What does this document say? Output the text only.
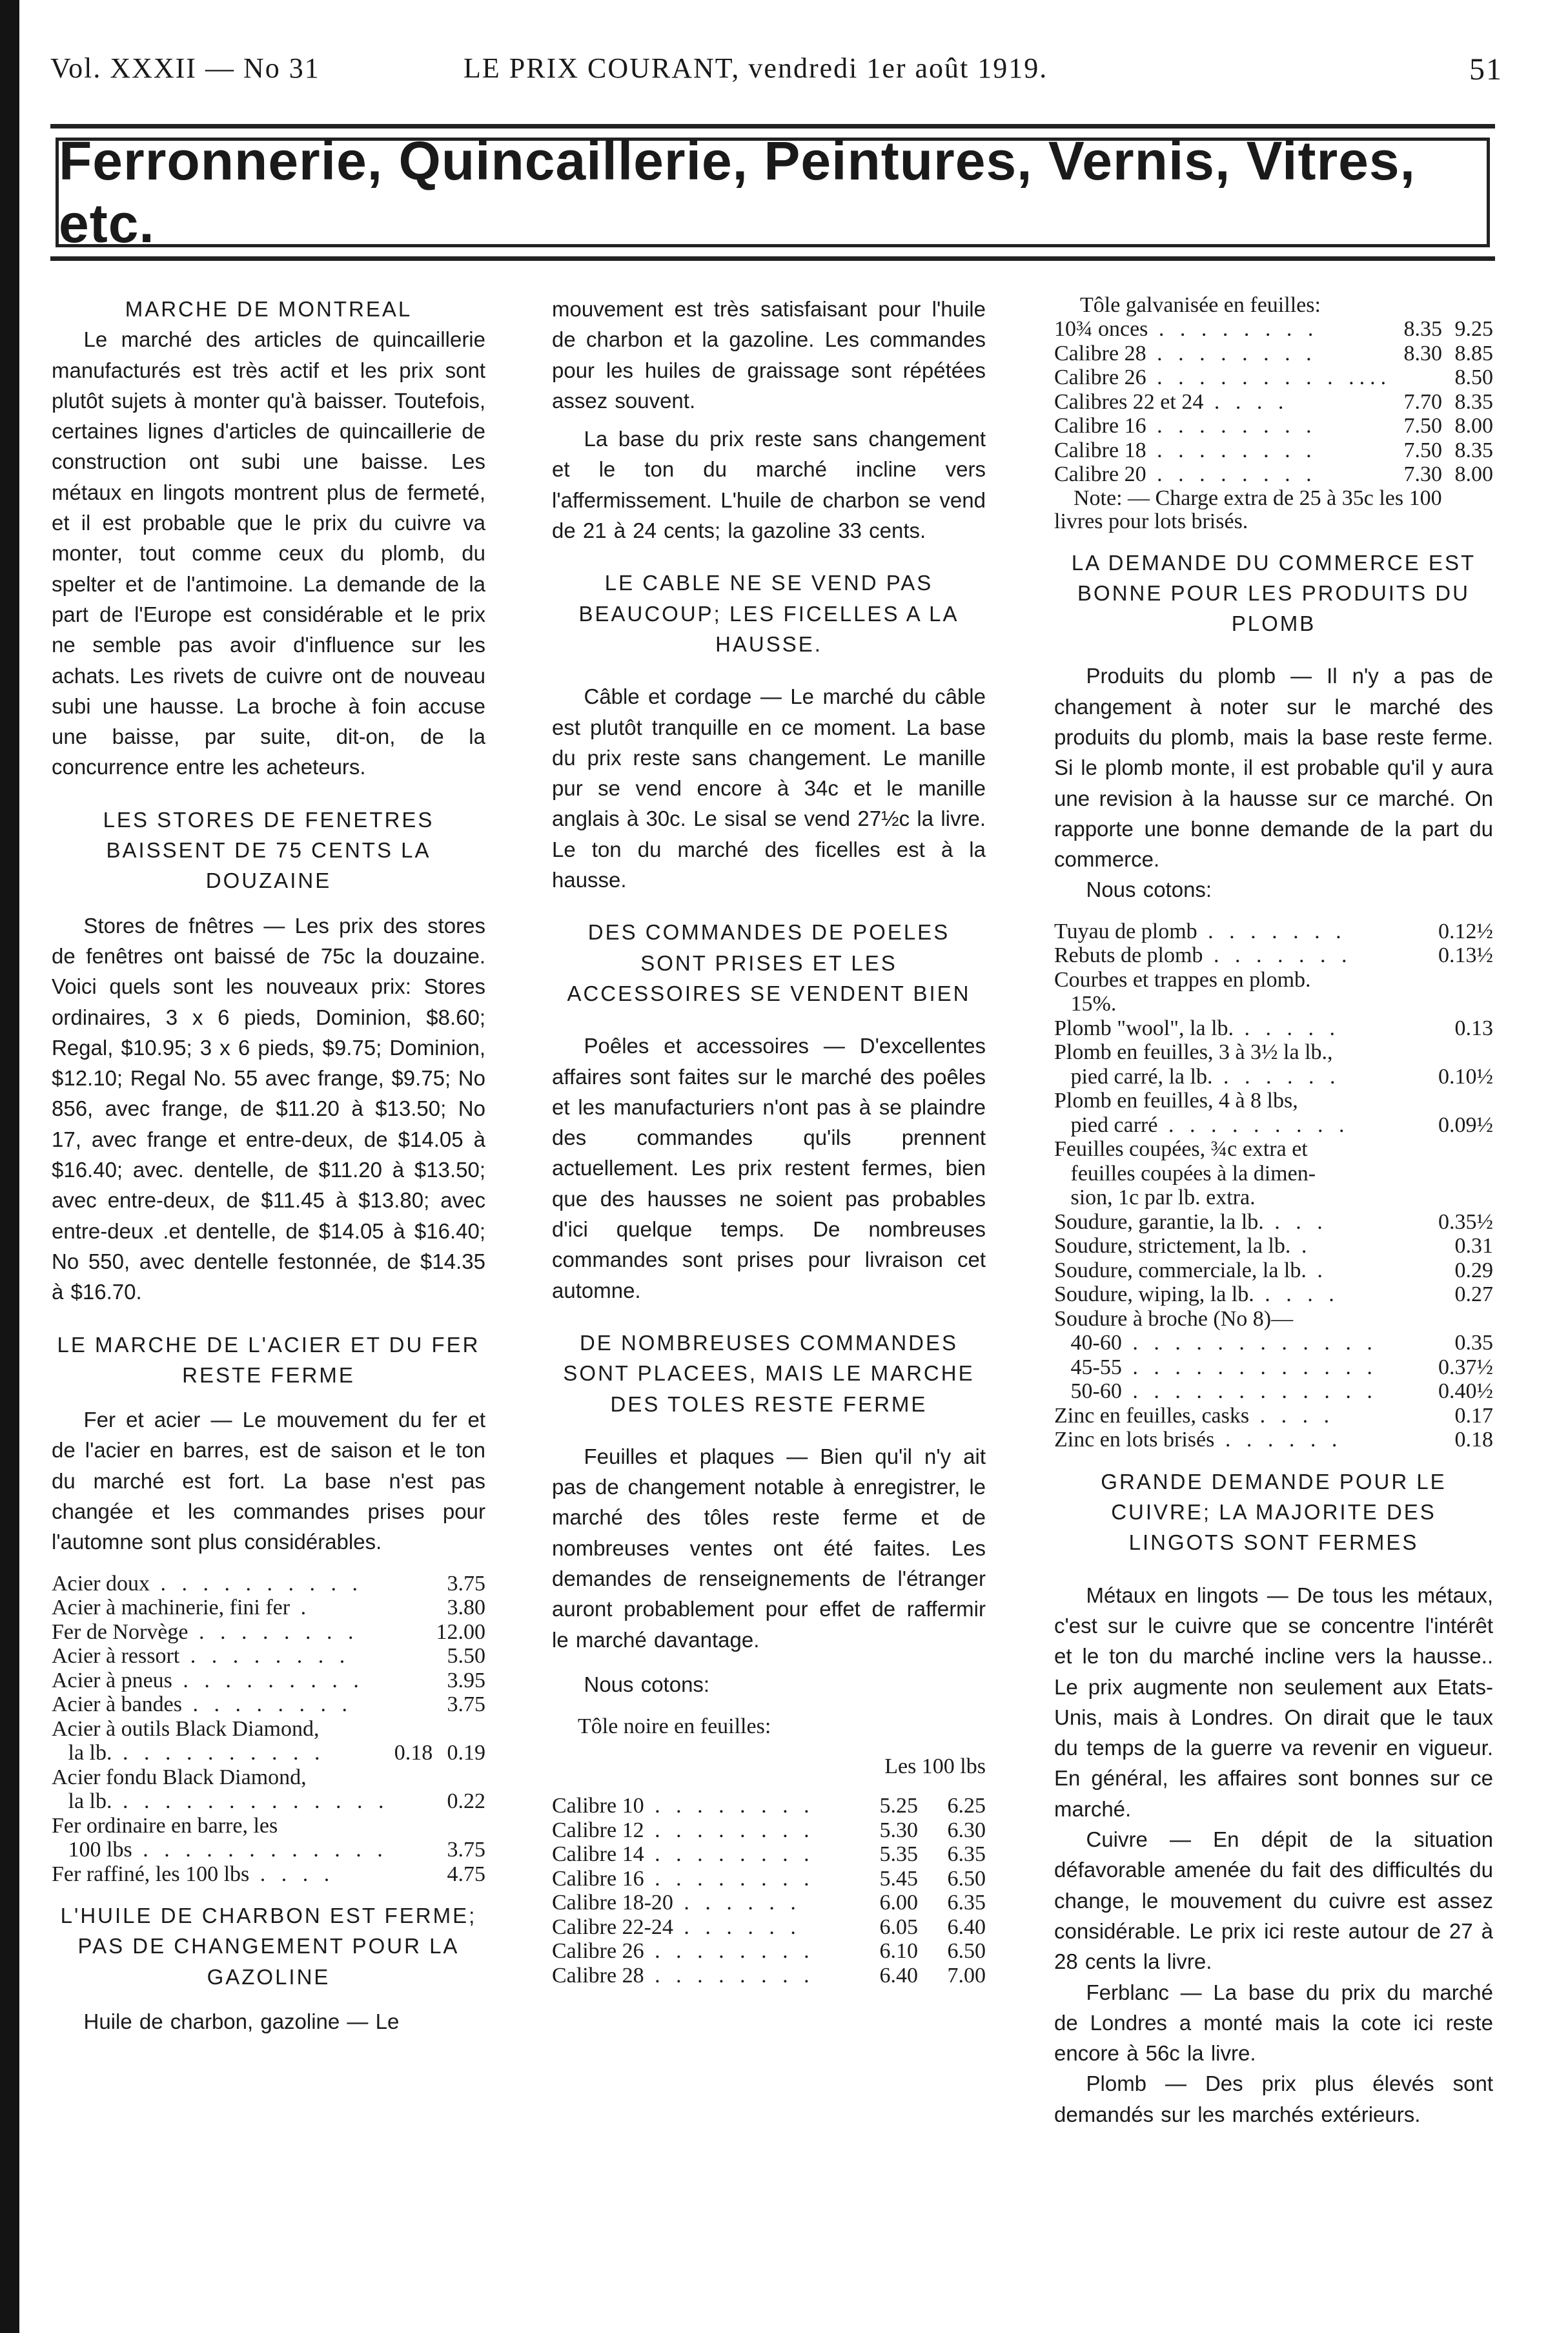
Vol. XXXII — No 31	LE PRIX COURANT, vendredi 1er août 1919.	51
Ferronnerie, Quincaillerie, Peintures, Vernis, Vitres, etc.
MARCHE DE MONTREAL

Le marché des articles de quincaillerie manufacturés est très actif et les prix sont plutôt sujets à monter qu'à baisser. Toutefois, certaines lignes d'articles de quincaillerie de construction ont subi une baisse. Les métaux en lingots montrent plus de fermeté, et il est probable que le prix du cuivre va monter, tout comme ceux du plomb, du spelter et de l'antimoine. La demande de la part de l'Europe est considérable et le prix ne semble pas avoir d'influence sur les achats. Les rivets de cuivre ont de nouveau subi une hausse. La broche à foin accuse une baisse, par suite, dit-on, de la concurrence entre les acheteurs.

LES STORES DE FENETRES BAISSENT DE 75 CENTS LA DOUZAINE

Stores de fnêtres — Les prix des stores de fenêtres ont baissé de 75c la douzaine. Voici quels sont les nouveaux prix: Stores ordinaires, 3 x 6 pieds, Dominion, $8.60; Regal, $10.95; 3 x 6 pieds, $9.75; Dominion, $12.10; Regal No. 55 avec frange, $9.75; No 856, avec frange, de $11.20 à $13.50; No 17, avec frange et entre-deux, de $14.05 à $16.40; avec. dentelle, de $11.20 à $13.50; avec entre-deux, de $11.45 à $13.80; avec entre-deux .et dentelle, de $14.05 à $16.40; No 550, avec dentelle festonnée, de $14.35 à $16.70.

LE MARCHE DE L'ACIER ET DU FER RESTE FERME

Fer et acier — Le mouvement du fer et de l'acier en barres, est de saison et le ton du marché est fort. La base n'est pas changée et les commandes prises pour l'automne sont plus considérables.

Acier doux . . . . . . . . . .		3.75
Acier à machinerie, fini fer .		3.80
Fer de Norvège . . . . . . . .		12.00
Acier à ressort . . . . . . . .		5.50
Acier à pneus . . . . . . . . .		3.95
Acier à bandes . . . . . . . .		3.75
Acier à outils Black Diamond,		
la lb. . . . . . . . . . .	0.18	0.19
Acier fondu Black Diamond,		
la lb. . . . . . . . . . . . . .		0.22
Fer ordinaire en barre, les		
100 lbs . . . . . . . . . . . .		3.75
Fer raffiné, les 100 lbs . . . .		4.75
L'HUILE DE CHARBON EST FERME; PAS DE CHANGEMENT POUR LA GAZOLINE

Huile de charbon, gazoline — Le

mouvement est très satisfaisant pour l'huile de charbon et la gazoline. Les commandes pour les huiles de graissage sont répétées assez souvent.

La base du prix reste sans changement et le ton du marché incline vers l'affermissement. L'huile de charbon se vend de 21 à 24 cents; la gazoline 33 cents.

LE CABLE NE SE VEND PAS BEAUCOUP; LES FICELLES A LA HAUSSE.

Câble et cordage — Le marché du câble est plutôt tranquille en ce moment. La base du prix reste sans changement. Le manille pur se vend encore à 34c et le manille anglais à 30c. Le sisal se vend 27½c la livre. Le ton du marché des ficelles est à la hausse.

DES COMMANDES DE POELES SONT PRISES ET LES ACCESSOIRES SE VENDENT BIEN

Poêles et accessoires — D'excellentes affaires sont faites sur le marché des poêles et les manufacturiers n'ont pas à se plaindre des commandes qu'ils prennent actuellement. Les prix restent fermes, bien que des hausses ne soient pas probables d'ici quelque temps. De nombreuses commandes sont prises pour livraison cet automne.

DE NOMBREUSES COMMANDES SONT PLACEES, MAIS LE MARCHE DES TOLES RESTE FERME

Feuilles et plaques — Bien qu'il n'y ait pas de changement notable à enregistrer, le marché des tôles reste ferme et de nombreuses ventes ont été faites. Les demandes de renseignements de l'étranger auront probablement pour effet de raffermir le marché davantage.

Nous cotons:

Tôle noire en feuilles:
Les 100 lbs
Calibre 10 . . . . . . . .	5.25	6.25
Calibre 12 . . . . . . . .	5.30	6.30
Calibre 14 . . . . . . . .	5.35	6.35
Calibre 16 . . . . . . . .	5.45	6.50
Calibre 18-20 . . . . . .	6.00	6.35
Calibre 22-24 . . . . . .	6.05	6.40
Calibre 26 . . . . . . . .	6.10	6.50
Calibre 28 . . . . . . . .	6.40	7.00
Tôle galvanisée en feuilles:
10¾ onces . . . . . . . .	8.35	9.25
Calibre 28 . . . . . . . .	8.30	8.85
Calibre 26 . . . . . . . . . ....		8.50
Calibres 22 et 24 . . . .	7.70	8.35
Calibre 16 . . . . . . . .	7.50	8.00
Calibre 18 . . . . . . . .	7.50	8.35
Calibre 20 . . . . . . . .	7.30	8.00
Note: — Charge extra de 25 à 35c les 100 livres pour lots brisés.
LA DEMANDE DU COMMERCE EST BONNE POUR LES PRODUITS DU PLOMB

Produits du plomb — Il n'y a pas de changement à noter sur le marché des produits du plomb, mais la base reste ferme. Si le plomb monte, il est probable qu'il y aura une revision à la hausse sur ce marché. On rapporte une bonne demande de la part du commerce.

Nous cotons:

Tuyau de plomb . . . . . . .	0.12½
Rebuts de plomb . . . . . . .	0.13½
Courbes et trappes en plomb.	
15%.	
Plomb "wool", la lb. . . . . .	0.13
Plomb en feuilles, 3 à 3½ la lb.,	
pied carré, la lb. . . . . . .	0.10½
Plomb en feuilles, 4 à 8 lbs,	
pied carré . . . . . . . . .	0.09½
Feuilles coupées, ¾c extra et	
feuilles coupées à la dimen-	
sion, 1c par lb. extra.	
Soudure, garantie, la lb. . . .	0.35½
Soudure, strictement, la lb. .	0.31
Soudure, commerciale, la lb. .	0.29
Soudure, wiping, la lb. . . . .	0.27
Soudure à broche (No 8)—	
40-60 . . . . . . . . . . . .	0.35
45-55 . . . . . . . . . . . .	0.37½
50-60 . . . . . . . . . . . .	0.40½
Zinc en feuilles, casks . . . .	0.17
Zinc en lots brisés . . . . . .	0.18
GRANDE DEMANDE POUR LE CUIVRE; LA MAJORITE DES LINGOTS SONT FERMES

Métaux en lingots — De tous les métaux, c'est sur le cuivre que se concentre l'intérêt et le ton du marché incline vers la hausse.. Le prix augmente non seulement aux Etats-Unis, mais à Londres. On dirait que le taux du temps de la guerre va revenir en vigueur. En général, les affaires sont bonnes sur ce marché.

Cuivre — En dépit de la situation défavorable amenée du fait des difficultés du change, le mouvement du cuivre est assez considérable. Le prix ici reste autour de 27 à 28 cents la livre.

Ferblanc — La base du prix du marché de Londres a monté mais la cote ici reste encore à 56c la livre.

Plomb — Des prix plus élevés sont demandés sur les marchés extérieurs.
